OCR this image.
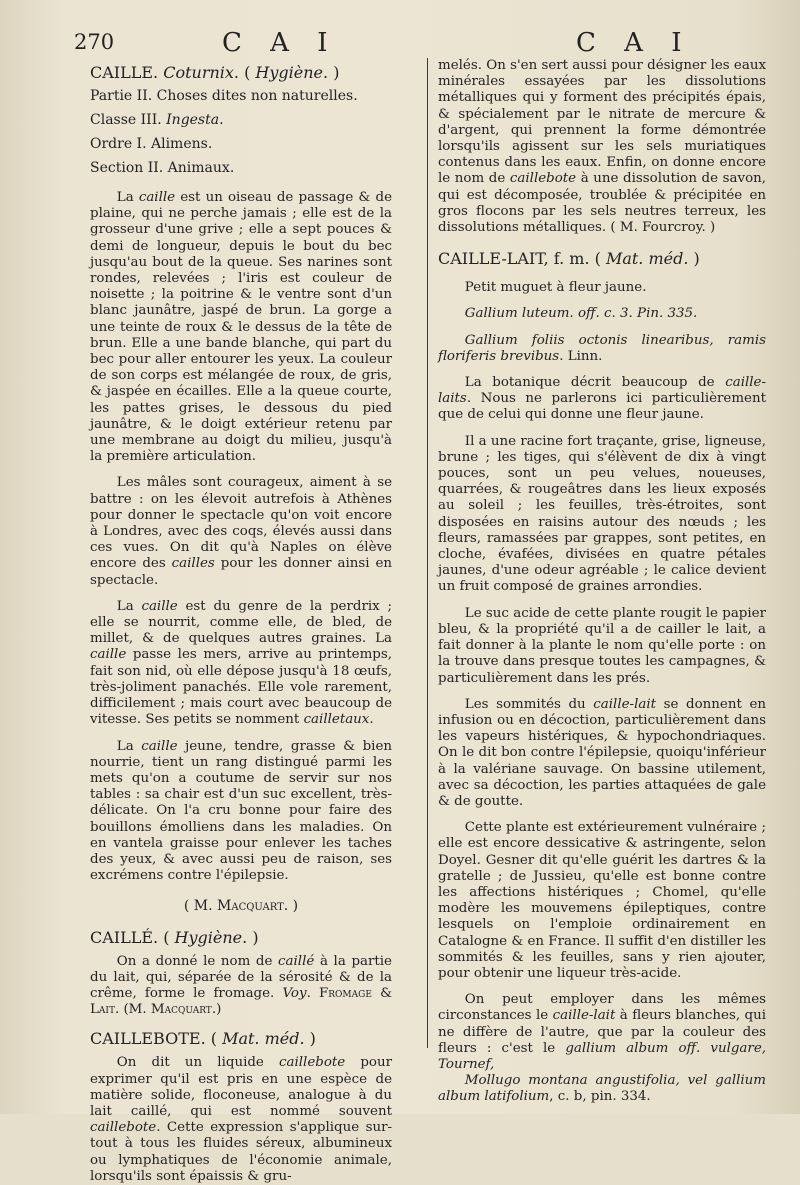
270	C A I	C A I
CAILLE. Coturnix. ( Hygiène. )
Partie II. Choses dites non naturelles.
Classe III. Ingesta.
Ordre I. Alimens.
Section II. Animaux.

La caille est un oiseau de passage & de plaine, qui ne perche jamais ; elle est de la grosseur d'une grive ; elle a sept pouces & demi de longueur, depuis le bout du bec jusqu'au bout de la queue. Ses narines sont rondes, relevées ; l'iris est couleur de noisette ; la poitrine & le ventre sont d'un blanc jaunâtre, jaspé de brun. La gorge a une teinte de roux & le dessus de la tête de brun. Elle a une bande blanche, qui part du bec pour aller entourer les yeux. La couleur de son corps est mélangée de roux, de gris, & jaspée en écailles. Elle a la queue courte, les pattes grises, le dessous du pied jaunâtre, & le doigt extérieur retenu par une membrane au doigt du milieu, jusqu'à la première articulation.

Les mâles sont courageux, aiment à se battre : on les élevoit autrefois à Athènes pour donner le spectacle qu'on voit encore à Londres, avec des coqs, élevés aussi dans ces vues. On dit qu'à Naples on élève encore des cailles pour les donner ainsi en spectacle.

La caille est du genre de la perdrix ; elle se nourrit, comme elle, de bled, de millet, & de quelques autres graines. La caille passe les mers, arrive au printemps, fait son nid, où elle dépose jusqu'à 18 œufs, très-joliment panachés. Elle vole rarement, difficilement ; mais court avec beaucoup de vitesse. Ses petits se nomment cailletaux.

La caille jeune, tendre, grasse & bien nourrie, tient un rang distingué parmi les mets qu'on a coutume de servir sur nos tables : sa chair est d'un suc excellent, très-délicate. On l'a cru bonne pour faire des bouillons émolliens dans les maladies. On en vantela graisse pour enlever les taches des yeux, & avec aussi peu de raison, ses excrémens contre l'épilepsie.

( M. Macquart. )
CAILLÉ. ( Hygiène. )

On a donné le nom de caillé à la partie du lait, qui, séparée de la sérosité & de la crême, forme le fromage. Voy. Fromage & Lait. (M. Macquart.)

CAILLEBOTE. ( Mat. méd. )

On dit un liquide caillebote pour exprimer qu'il est pris en une espèce de matière solide, floconeuse, analogue à du lait caillé, qui est nommé souvent caillebote. Cette expression s'applique sur-tout à tous les fluides séreux, albumineux ou lymphatiques de l'économie animale, lorsqu'ils sont épaissis & gru-

melés. On s'en sert aussi pour désigner les eaux minérales essayées par les dissolutions métalliques qui y forment des précipités épais, & spécialement par le nitrate de mercure & d'argent, qui prennent la forme démontrée lorsqu'ils agissent sur les sels muriatiques contenus dans les eaux. Enfin, on donne encore le nom de caillebote à une dissolution de savon, qui est décomposée, troublée & précipitée en gros flocons par les sels neutres terreux, les dissolutions métalliques. ( M. Fourcroy. )

CAILLE-LAIT, f. m. ( Mat. méd. )

Petit muguet à fleur jaune.

Gallium luteum. off. c. 3. Pin. 335.

Gallium foliis octonis linearibus, ramis floriferis brevibus. Linn.

La botanique décrit beaucoup de caille-laits. Nous ne parlerons ici particulièrement que de celui qui donne une fleur jaune.

Il a une racine fort traçante, grise, ligneuse, brune ; les tiges, qui s'élèvent de dix à vingt pouces, sont un peu velues, noueuses, quarrées, & rougeâtres dans les lieux exposés au soleil ; les feuilles, très-étroites, sont disposées en raisins autour des nœuds ; les fleurs, ramassées par grappes, sont petites, en cloche, évafées, divisées en quatre pétales jaunes, d'une odeur agréable ; le calice devient un fruit composé de graines arrondies.

Le suc acide de cette plante rougit le papier bleu, & la propriété qu'il a de cailler le lait, a fait donner à la plante le nom qu'elle porte : on la trouve dans presque toutes les campagnes, & particulièrement dans les prés.

Les sommités du caille-lait se donnent en infusion ou en décoction, particulièrement dans les vapeurs histériques, & hypochondriaques. On le dit bon contre l'épilepsie, quoiqu'inférieur à la valériane sauvage. On bassine utilement, avec sa décoction, les parties attaquées de gale & de goutte.

Cette plante est extérieurement vulnéraire ; elle est encore dessicative & astringente, selon Doyel. Gesner dit qu'elle guérit les dartres & la gratelle ; de Jussieu, qu'elle est bonne contre les affections histériques ; Chomel, qu'elle modère les mouvemens épileptiques, contre lesquels on l'emploie ordinairement en Catalogne & en France. Il suffit d'en distiller les sommités & les feuilles, sans y rien ajouter, pour obtenir une liqueur très-acide.

On peut employer dans les mêmes circonstances le caille-lait à fleurs blanches, qui ne diffère de l'autre, que par la couleur des fleurs : c'est le gallium album off. vulgare, Tournef,

Mollugo montana angustifolia, vel gallium album latifolium, c. b, pin. 334.
